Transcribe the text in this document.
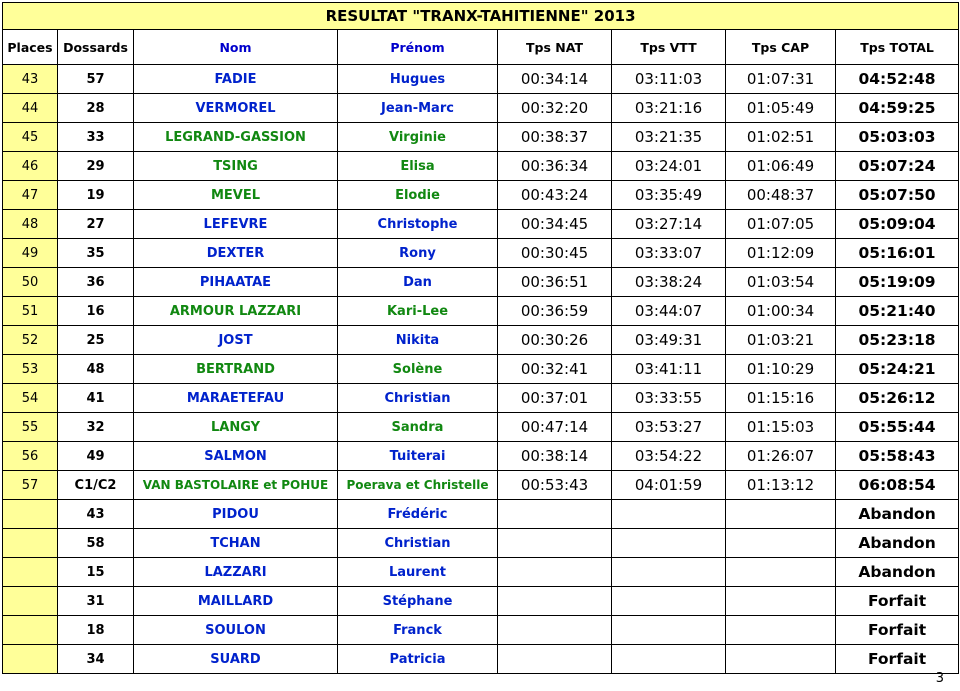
RESULTAT "TRANX-TAHITIENNE" 2013							
Places	Dossards	Nom	Prénom	Tps NAT	Tps VTT	Tps CAP	Tps TOTAL
43	57	FADIE	Hugues	00:34:14	03:11:03	01:07:31	04:52:48
44	28	VERMOREL	Jean-Marc	00:32:20	03:21:16	01:05:49	04:59:25
45	33	LEGRAND-GASSION	Virginie	00:38:37	03:21:35	01:02:51	05:03:03
46	29	TSING	Elisa	00:36:34	03:24:01	01:06:49	05:07:24
47	19	MEVEL	Elodie	00:43:24	03:35:49	00:48:37	05:07:50
48	27	LEFEVRE	Christophe	00:34:45	03:27:14	01:07:05	05:09:04
49	35	DEXTER	Rony	00:30:45	03:33:07	01:12:09	05:16:01
50	36	PIHAATAE	Dan	00:36:51	03:38:24	01:03:54	05:19:09
51	16	ARMOUR LAZZARI	Kari-Lee	00:36:59	03:44:07	01:00:34	05:21:40
52	25	JOST	Nikita	00:30:26	03:49:31	01:03:21	05:23:18
53	48	BERTRAND	Solène	00:32:41	03:41:11	01:10:29	05:24:21
54	41	MARAETEFAU	Christian	00:37:01	03:33:55	01:15:16	05:26:12
55	32	LANGY	Sandra	00:47:14	03:53:27	01:15:03	05:55:44
56	49	SALMON	Tuiterai	00:38:14	03:54:22	01:26:07	05:58:43
57	C1/C2	VAN BASTOLAIRE et POHUE	Poerava et Christelle	00:53:43	04:01:59	01:13:12	06:08:54
	43	PIDOU	Frédéric				Abandon
	58	TCHAN	Christian				Abandon
	15	LAZZARI	Laurent				Abandon
	31	MAILLARD	Stéphane				Forfait
	18	SOULON	Franck				Forfait
	34	SUARD	Patricia				Forfait
3
